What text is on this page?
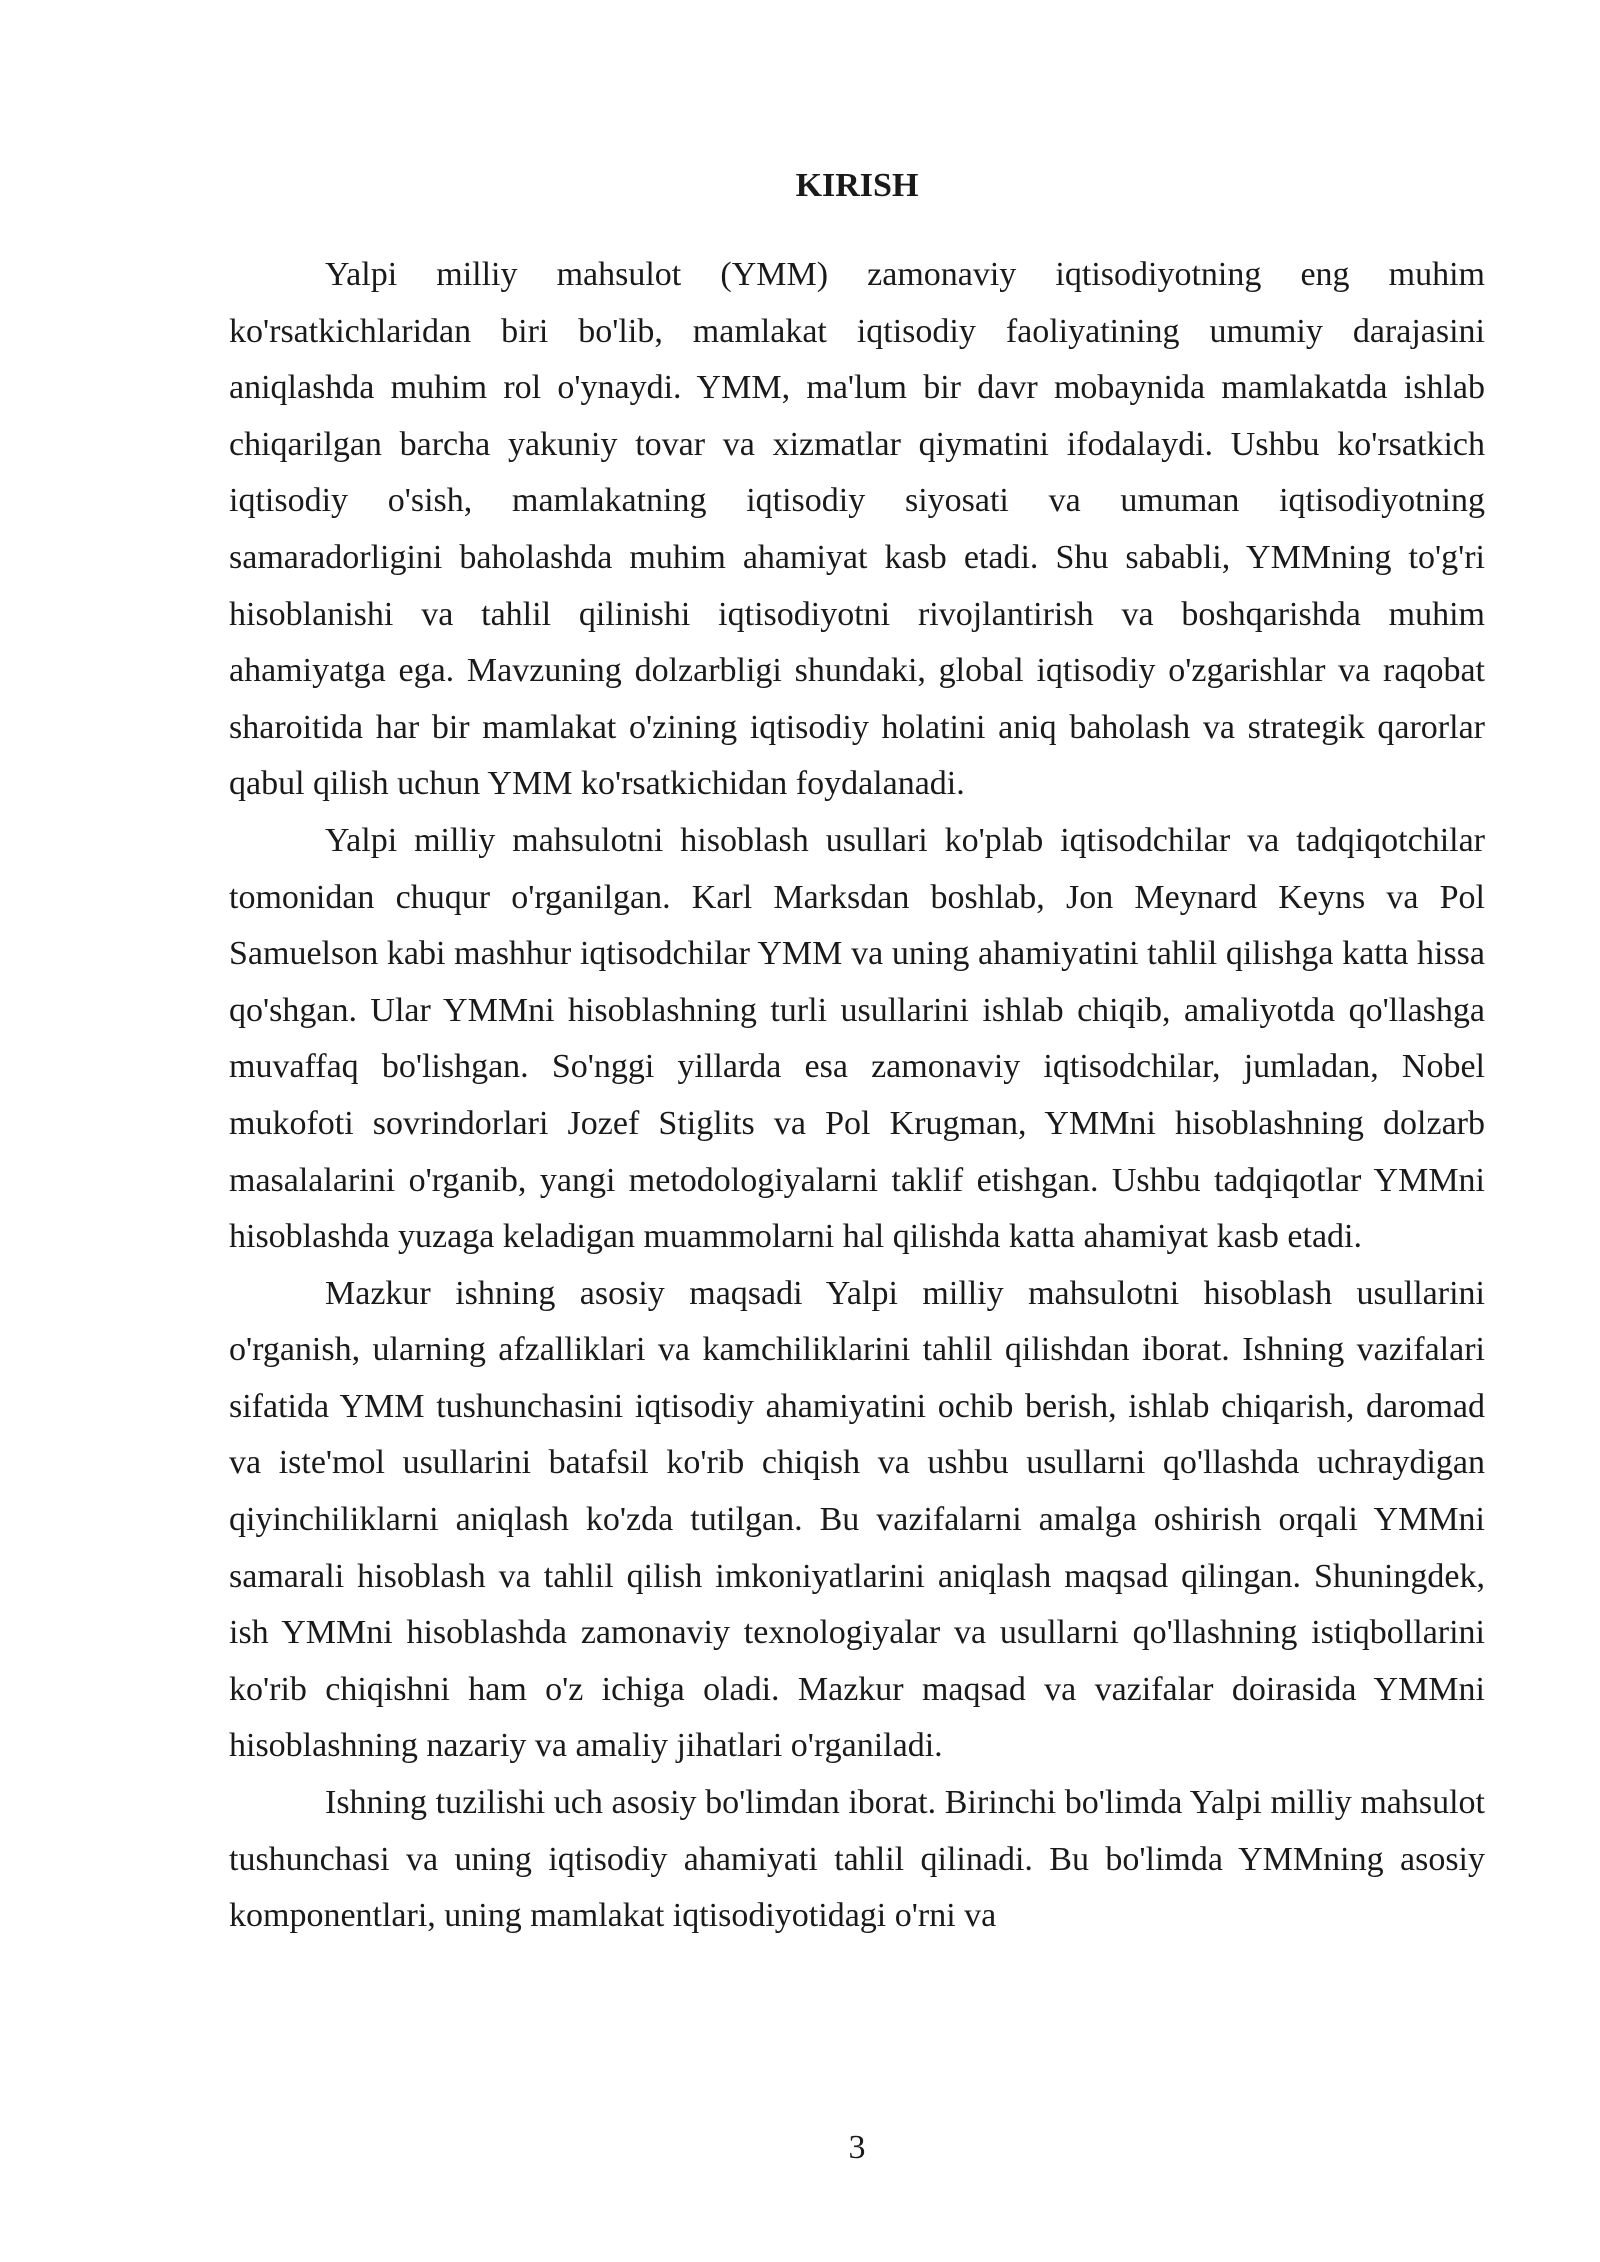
KIRISH

Yalpi milliy mahsulot (YMM) zamonaviy iqtisodiyotning eng muhim ko'rsatkichlaridan biri bo'lib, mamlakat iqtisodiy faoliyatining umumiy darajasini aniqlashda muhim rol o'ynaydi. YMM, ma'lum bir davr mobaynida mamlakatda ishlab chiqarilgan barcha yakuniy tovar va xizmatlar qiymatini ifodalaydi. Ushbu ko'rsatkich iqtisodiy o'sish, mamlakatning iqtisodiy siyosati va umuman iqtisodiyotning samaradorligini baholashda muhim ahamiyat kasb etadi. Shu sababli, YMMning to'g'ri hisoblanishi va tahlil qilinishi iqtisodiyotni rivojlantirish va boshqarishda muhim ahamiyatga ega. Mavzuning dolzarbligi shundaki, global iqtisodiy o'zgarishlar va raqobat sharoitida har bir mamlakat o'zining iqtisodiy holatini aniq baholash va strategik qarorlar qabul qilish uchun YMM ko'rsatkichidan foydalanadi.

Yalpi milliy mahsulotni hisoblash usullari ko'plab iqtisodchilar va tadqiqotchilar tomonidan chuqur o'rganilgan. Karl Marksdan boshlab, Jon Meynard Keyns va Pol Samuelson kabi mashhur iqtisodchilar YMM va uning ahamiyatini tahlil qilishga katta hissa qo'shgan. Ular YMMni hisoblashning turli usullarini ishlab chiqib, amaliyotda qo'llashga muvaffaq bo'lishgan. So'nggi yillarda esa zamonaviy iqtisodchilar, jumladan, Nobel mukofoti sovrindorlari Jozef Stiglits va Pol Krugman, YMMni hisoblashning dolzarb masalalarini o'rganib, yangi metodologiyalarni taklif etishgan. Ushbu tadqiqotlar YMMni hisoblashda yuzaga keladigan muammolarni hal qilishda katta ahamiyat kasb etadi.

Mazkur ishning asosiy maqsadi Yalpi milliy mahsulotni hisoblash usullarini o'rganish, ularning afzalliklari va kamchiliklarini tahlil qilishdan iborat. Ishning vazifalari sifatida YMM tushunchasini iqtisodiy ahamiyatini ochib berish, ishlab chiqarish, daromad va iste'mol usullarini batafsil ko'rib chiqish va ushbu usullarni qo'llashda uchraydigan qiyinchiliklarni aniqlash ko'zda tutilgan. Bu vazifalarni amalga oshirish orqali YMMni samarali hisoblash va tahlil qilish imkoniyatlarini aniqlash maqsad qilingan. Shuningdek, ish YMMni hisoblashda zamonaviy texnologiyalar va usullarni qo'llashning istiqbollarini ko'rib chiqishni ham o'z ichiga oladi. Mazkur maqsad va vazifalar doirasida YMMni hisoblashning nazariy va amaliy jihatlari o'rganiladi.

Ishning tuzilishi uch asosiy bo'limdan iborat. Birinchi bo'limda Yalpi milliy mahsulot tushunchasi va uning iqtisodiy ahamiyati tahlil qilinadi. Bu bo'limda YMMning asosiy komponentlari, uning mamlakat iqtisodiyotidagi o'rni va

3
